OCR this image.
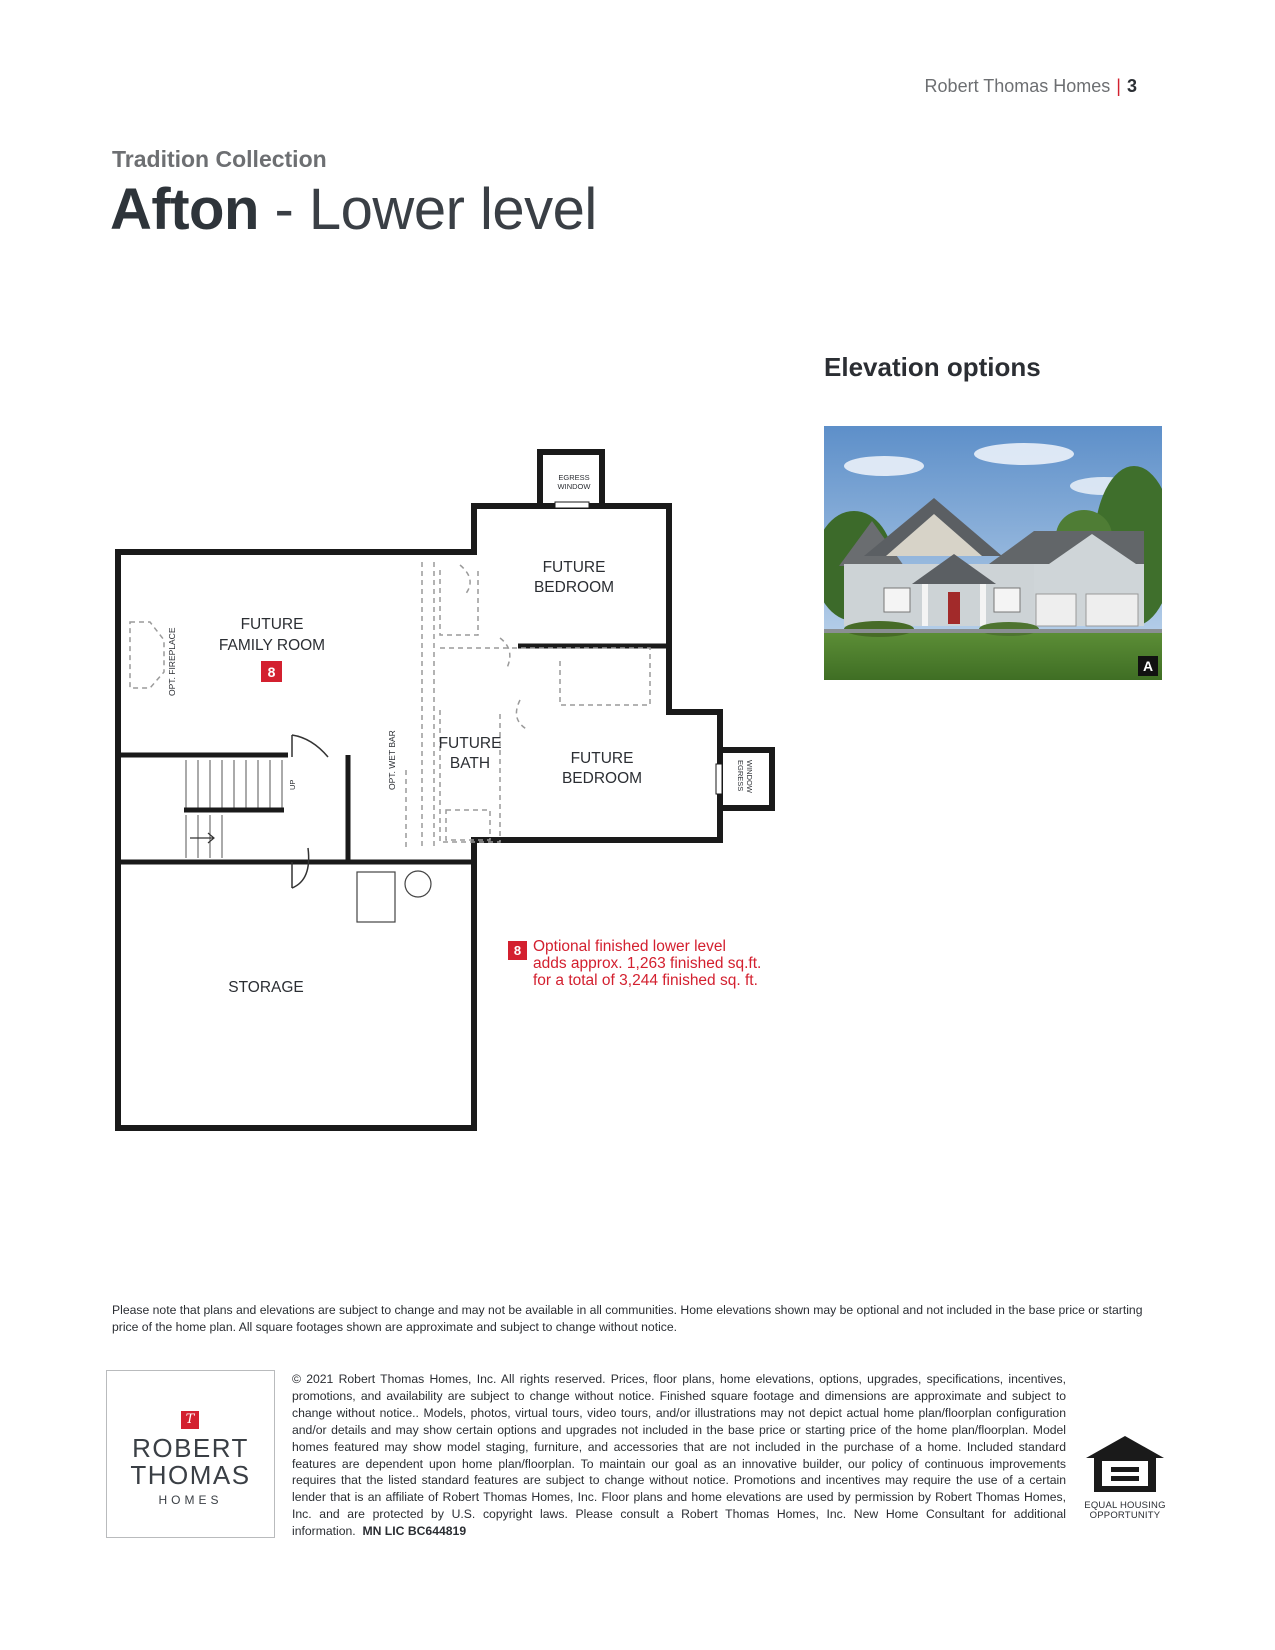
Robert Thomas Homes | 3
Tradition Collection
Afton - Lower level
FUTURE
FAMILY ROOM
FUTURE
BEDROOM
FUTURE
BEDROOM
FUTURE
BATH
STORAGE
EGRESS
WINDOW
OPT. FIREPLACE
OPT. WET BAR	EGRESS WINDOW
UP
8
8 Optional finished lower level
adds approx. 1,263 finished sq.ft.
for a total of 3,244 finished sq. ft.
Elevation options
A
Please note that plans and elevations are subject to change and may not be available in all communities. Home elevations shown may be optional and not included in the base price or starting price of the home plan. All square footages shown are approximate and subject to change without notice.
T
ROBERT
THOMAS
HOMES
© 2021 Robert Thomas Homes, Inc. All rights reserved. Prices, floor plans, home elevations, options, upgrades, specifications, incentives, promotions, and availability are subject to change without notice. Finished square footage and dimensions are approximate and subject to change without notice.. Models, photos, virtual tours, video tours, and/or illustrations may not depict actual home plan/floorplan configuration and/or details and may show certain options and upgrades not included in the base price or starting price of the home plan/floorplan. Model homes featured may show model staging, furniture, and accessories that are not included in the purchase of a home. Included standard features are dependent upon home plan/floorplan. To maintain our goal as an innovative builder, our policy of continuous improvements requires that the listed standard features are subject to change without notice. Promotions and incentives may require the use of a certain lender that is an affiliate of Robert Thomas Homes, Inc. Floor plans and home elevations are used by permission by Robert Thomas Homes, Inc. and are protected by U.S. copyright laws. Please consult a Robert Thomas Homes, Inc. New Home Consultant for additional information. MN LIC BC644819
EQUAL HOUSING
OPPORTUNITY
